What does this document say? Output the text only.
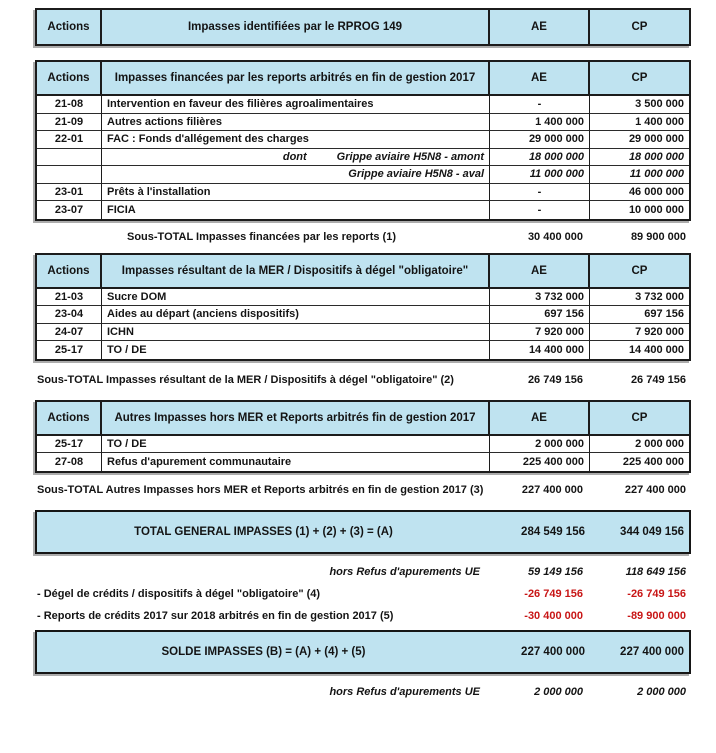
Actions	Impasses identifiées par le RPROG 149	AE	CP
Actions	Impasses financées par les reports arbitrés en fin de gestion 2017	AE	CP
21-08	Intervention en faveur des filières agroalimentaires	-	3 500 000
21-09	Autres actions filières	1 400 000	1 400 000
22-01	FAC : Fonds d'allégement des charges	29 000 000	29 000 000
dont	Grippe aviaire H5N8 - amont	18 000 000	18 000 000
Grippe aviaire H5N8 - aval	11 000 000	11 000 000
23-01	Prêts à l'installation	-	46 000 000
23-07	FICIA	-	10 000 000
Sous-TOTAL Impasses financées par les reports (1)	30 400 000	89 900 000
Actions	Impasses résultant de la MER / Dispositifs à dégel "obligatoire"	AE	CP
21-03	Sucre DOM	3 732 000	3 732 000
23-04	Aides au départ (anciens dispositifs)	697 156	697 156
24-07	ICHN	7 920 000	7 920 000
25-17	TO / DE	14 400 000	14 400 000
Sous-TOTAL Impasses résultant de la MER / Dispositifs à dégel "obligatoire" (2)	26 749 156	26 749 156
Actions	Autres Impasses hors MER et Reports arbitrés fin de gestion 2017	AE	CP
25-17	TO / DE	2 000 000	2 000 000
27-08	Refus d'apurement communautaire	225 400 000	225 400 000
Sous-TOTAL Autres Impasses hors MER et Reports arbitrés en fin de gestion 2017 (3)	227 400 000	227 400 000
TOTAL GENERAL IMPASSES (1) + (2) + (3) = (A)	284 549 156	344 049 156
hors Refus d'apurements UE	59 149 156	118 649 156
- Dégel de crédits / dispositifs à dégel "obligatoire" (4)	-26 749 156	-26 749 156
- Reports de crédits 2017 sur 2018 arbitrés en fin de gestion 2017 (5)	-30 400 000	-89 900 000
SOLDE IMPASSES (B) = (A) + (4) + (5)	227 400 000	227 400 000
hors Refus d'apurements UE	2 000 000	2 000 000
